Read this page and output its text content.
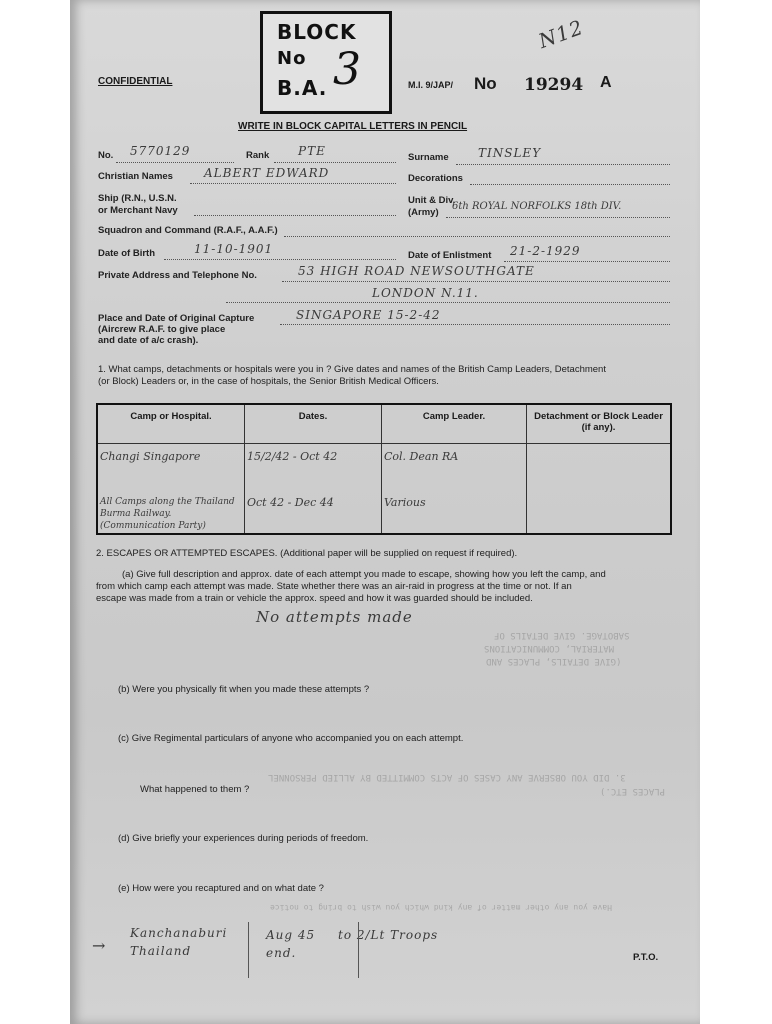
CONFIDENTIAL
BLOCK
No
B.A. 3
N12
M.I. 9/JAP/ No 19294 A
WRITE IN BLOCK CAPITAL LETTERS IN PENCIL
No. 5770129	Rank PTE	Surname TINSLEY
Christian Names	ALBERT EDWARD	Decorations
Ship (R.N., U.S.N.
or Merchant Navy
Unit & Div.
(Army)
6th ROYAL NORFOLKS 18th DIV.
Squadron and Command (R.A.F., A.A.F.)
Date of Birth	11-10-1901	Date of Enlistment 21-2-1929
Private Address and Telephone No.	53 HIGH ROAD NEWSOUTHGATE
LONDON N.11.
Place and Date of Original Capture
(Aircrew R.A.F. to give place
and date of a/c crash).
SINGAPORE 15-2-42
1. What camps, detachments or hospitals were you in ? Give dates and names of the British Camp Leaders, Detachment
(or Block) Leaders or, in the case of hospitals, the Senior British Medical Officers.
Camp or Hospital.	Dates.	Camp Leader.	Detachment or Block Leader (if any).
Changi Singapore	15/2/42 - Oct 42	Col. Dean RA	
All Camps along the Thailand Burma Railway. (Communication Party)	Oct 42 - Dec 44	Various	
SABOTAGE. GIVE DETAILS OF
MATERIAL, COMMUNICATIONS
(GIVE DETAILS, PLACES AND
3. DID YOU OBSERVE ANY CASES OF ACTS COMMITTED BY ALLIED PERSONNEL
PLACES ETC.)
Have you any other matter of any kind which you wish to bring to notice
2. ESCAPES OR ATTEMPTED ESCAPES. (Additional paper will be supplied on request if required).
(a) Give full description and approx. date of each attempt you made to escape, showing how you left the camp, and
from which camp each attempt was made. State whether there was an air-raid in progress at the time or not. If an
escape was made from a train or vehicle the approx. speed and how it was guarded should be included.
No attempts made
(b) Were you physically fit when you made these attempts ?
(c) Give Regimental particulars of anyone who accompanied you on each attempt.
What happened to them ?
(d) Give briefly your experiences during periods of freedom.
(e) How were you recaptured and on what date ?
→
Kanchanaburi Thailand
Aug 45 end.
to 2/Lt Troops
P.T.O.
